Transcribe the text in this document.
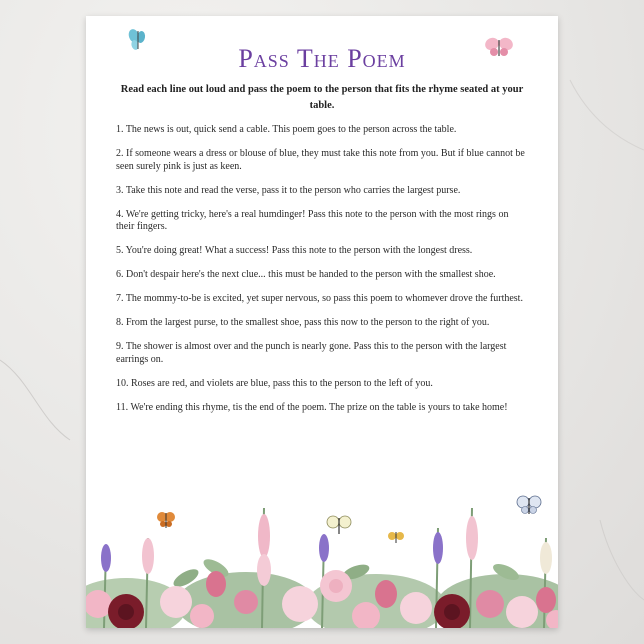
Pass The Poem
Read each line out loud and pass the poem to the person that fits the rhyme seated at your table.
1. The news is out, quick send a cable. This poem goes to the person across the table.
2. If someone wears a dress or blouse of blue, they must take this note from you. But if blue cannot be seen surely pink is just as keen.
3. Take this note and read the verse, pass it to the person who carries the largest purse.
4. We're getting tricky, here's a real humdinger! Pass this note to the person with the most rings on their fingers.
5. You're doing great! What a success! Pass this note to the person with the longest dress.
6. Don't despair here's the next clue... this must be handed to the person with the smallest shoe.
7. The mommy-to-be is excited, yet super nervous, so pass this poem to whomever drove the furthest.
8. From the largest purse, to the smallest shoe, pass this now to the person to the right of you.
9. The shower is almost over and the punch is nearly gone. Pass this to the person with the largest earrings on.
10. Roses are red, and violets are blue, pass this to the person to the left of you.
11. We're ending this rhyme, tis the end of the poem. The prize on the table is yours to take home!
